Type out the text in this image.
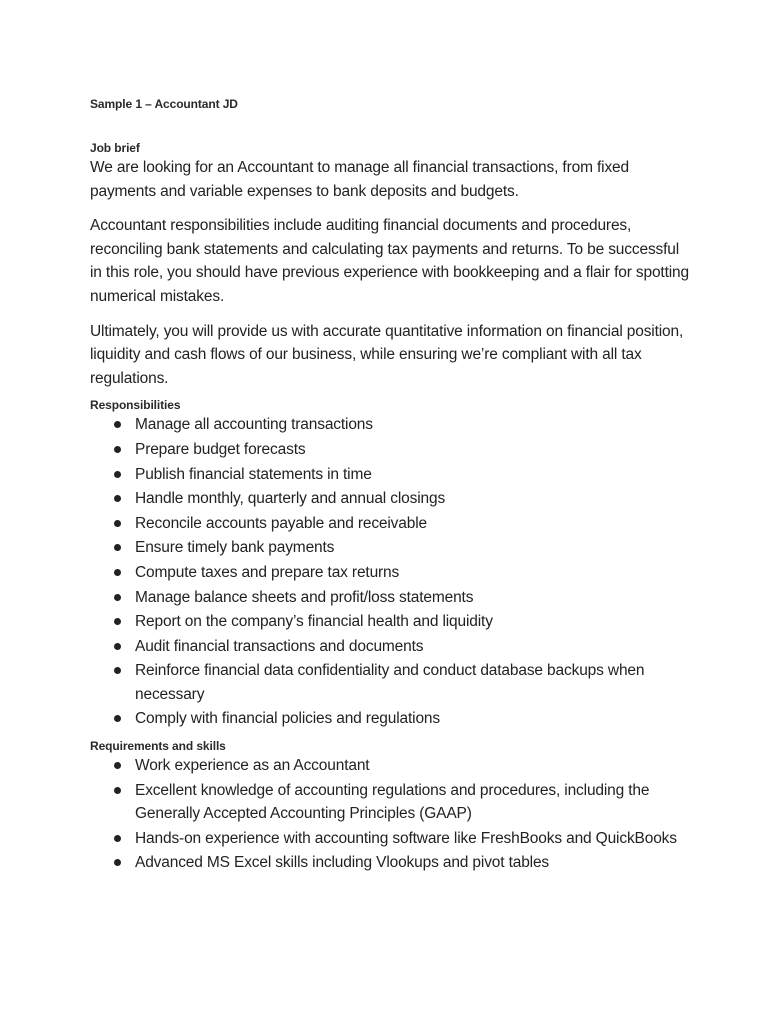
Sample 1 – Accountant JD

Job brief

We are looking for an Accountant to manage all financial transactions, from fixed payments and variable expenses to bank deposits and budgets.

Accountant responsibilities include auditing financial documents and procedures, reconciling bank statements and calculating tax payments and returns. To be successful in this role, you should have previous experience with bookkeeping and a flair for spotting numerical mistakes.

Ultimately, you will provide us with accurate quantitative information on financial position, liquidity and cash flows of our business, while ensuring we’re compliant with all tax regulations.

Responsibilities

Manage all accounting transactions
Prepare budget forecasts
Publish financial statements in time
Handle monthly, quarterly and annual closings
Reconcile accounts payable and receivable
Ensure timely bank payments
Compute taxes and prepare tax returns
Manage balance sheets and profit/loss statements
Report on the company’s financial health and liquidity
Audit financial transactions and documents
Reinforce financial data confidentiality and conduct database backups when necessary
Comply with financial policies and regulations

Requirements and skills

Work experience as an Accountant
Excellent knowledge of accounting regulations and procedures, including the Generally Accepted Accounting Principles (GAAP)
Hands-on experience with accounting software like FreshBooks and QuickBooks
Advanced MS Excel skills including Vlookups and pivot tables
